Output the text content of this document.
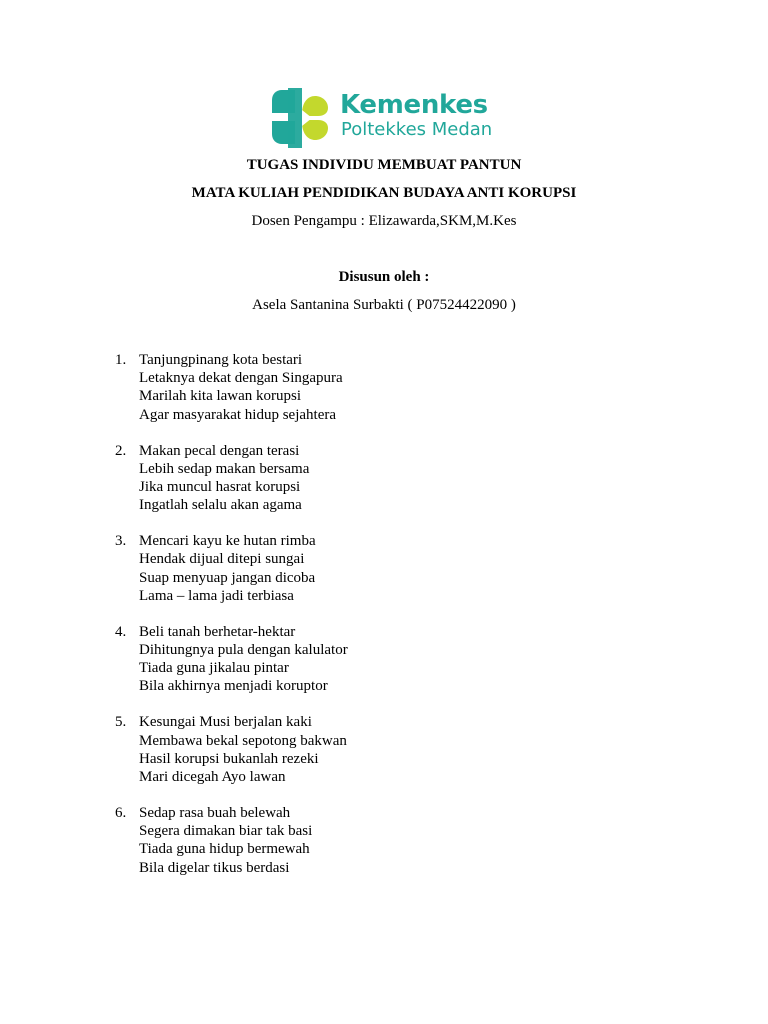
Kemenkes
Poltekkes Medan
TUGAS INDIVIDU MEMBUAT PANTUN
MATA KULIAH PENDIDIKAN BUDAYA ANTI KORUPSI
Dosen Pengampu : Elizawarda,SKM,M.Kes
Disusun oleh :
Asela Santanina Surbakti ( P07524422090 )
1. Tanjungpinang kota bestari
Letaknya dekat dengan Singapura
Marilah kita lawan korupsi
Agar masyarakat hidup sejahtera
2. Makan pecal dengan terasi
Lebih sedap makan bersama
Jika muncul hasrat korupsi
Ingatlah selalu akan agama
3. Mencari kayu ke hutan rimba
Hendak dijual ditepi sungai
Suap menyuap jangan dicoba
Lama – lama jadi terbiasa
4. Beli tanah berhetar-hektar
Dihitungnya pula dengan kalulator
Tiada guna jikalau pintar
Bila akhirnya menjadi koruptor
5. Kesungai Musi berjalan kaki
Membawa bekal sepotong bakwan
Hasil korupsi bukanlah rezeki
Mari dicegah Ayo lawan
6. Sedap rasa buah belewah
Segera dimakan biar tak basi
Tiada guna hidup bermewah
Bila digelar tikus berdasi
